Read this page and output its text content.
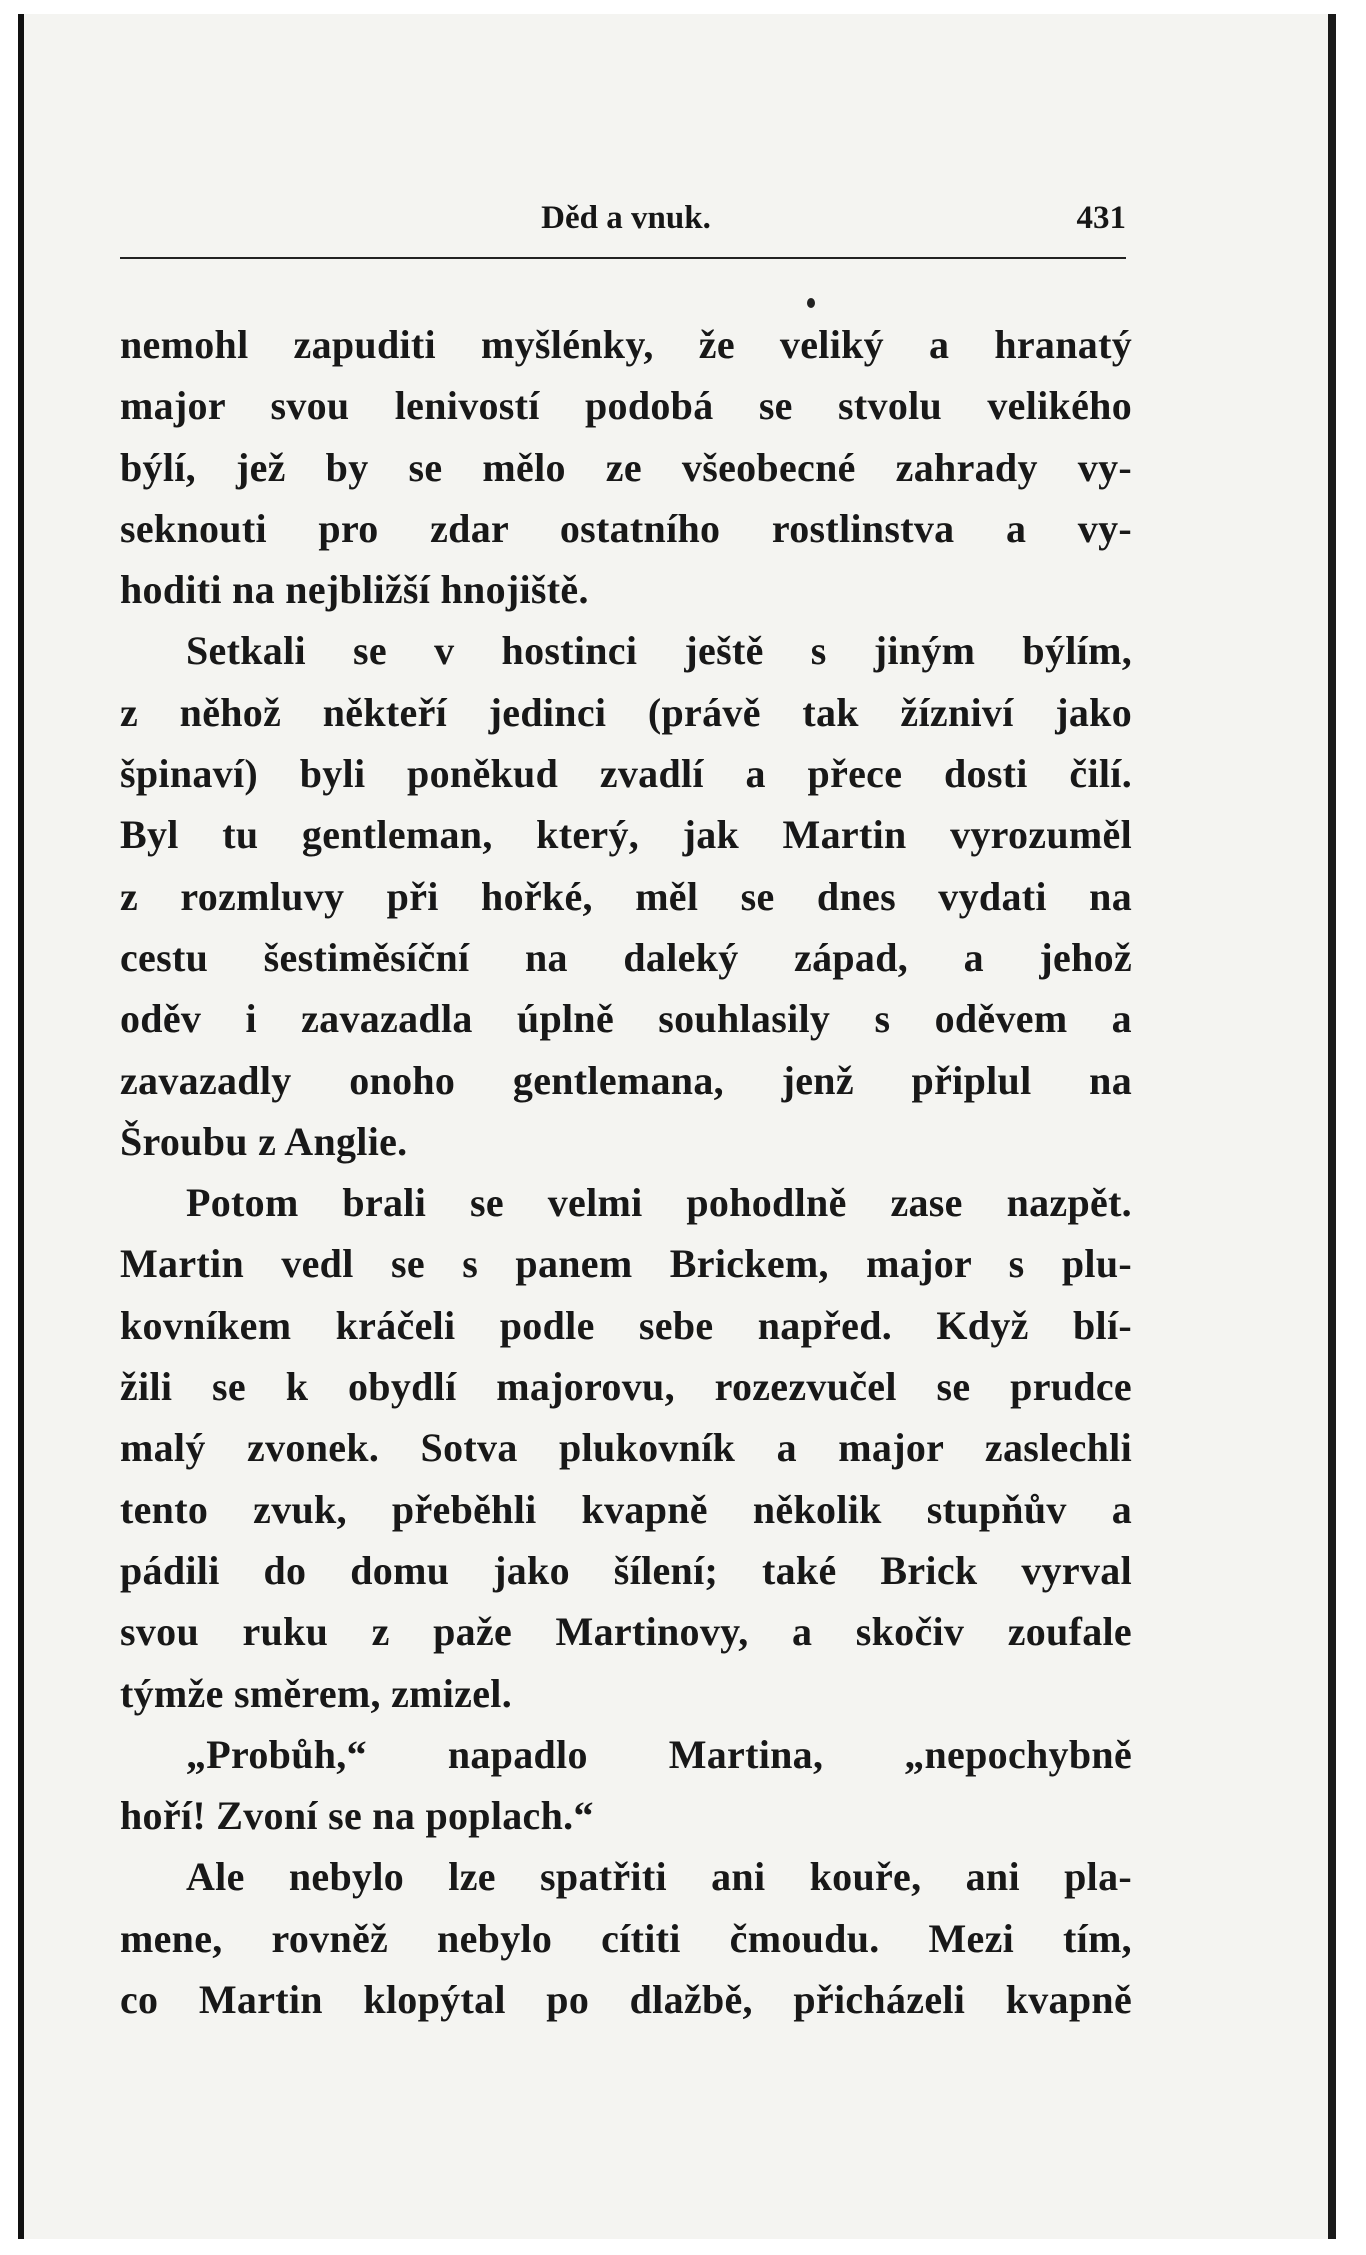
Děd a vnuk.	431
nemohl zapuditi myšlénky, že veliký a hranatý
major svou lenivostí podobá se stvolu velikého
býlí, jež by se mělo ze všeobecné zahrady vy-
seknouti pro zdar ostatního rostlinstva a vy-
hoditi na nejbližší hnojiště.
Setkali se v hostinci ještě s jiným býlím,
z něhož někteří jedinci (právě tak žízniví jako
špinaví) byli poněkud zvadlí a přece dosti čilí.
Byl tu gentleman, který, jak Martin vyrozuměl
z rozmluvy při hořké, měl se dnes vydati na
cestu šestiměsíční na daleký západ, a jehož
oděv i zavazadla úplně souhlasily s oděvem a
zavazadly onoho gentlemana, jenž připlul na
Šroubu z Anglie.
Potom brali se velmi pohodlně zase nazpět.
Martin vedl se s panem Brickem, major s plu-
kovníkem kráčeli podle sebe napřed. Když blí-
žili se k obydlí majorovu, rozezvučel se prudce
malý zvonek. Sotva plukovník a major zaslechli
tento zvuk, přeběhli kvapně několik stupňův a
pádili do domu jako šílení; také Brick vyrval
svou ruku z paže Martinovy, a skočiv zoufale
týmže směrem, zmizel.
„Probůh,“ napadlo Martina, „nepochybně
hoří! Zvoní se na poplach.“
Ale nebylo lze spatřiti ani kouře, ani pla-
mene, rovněž nebylo cítiti čmoudu. Mezi tím,
co Martin klopýtal po dlažbě, přicházeli kvapně
